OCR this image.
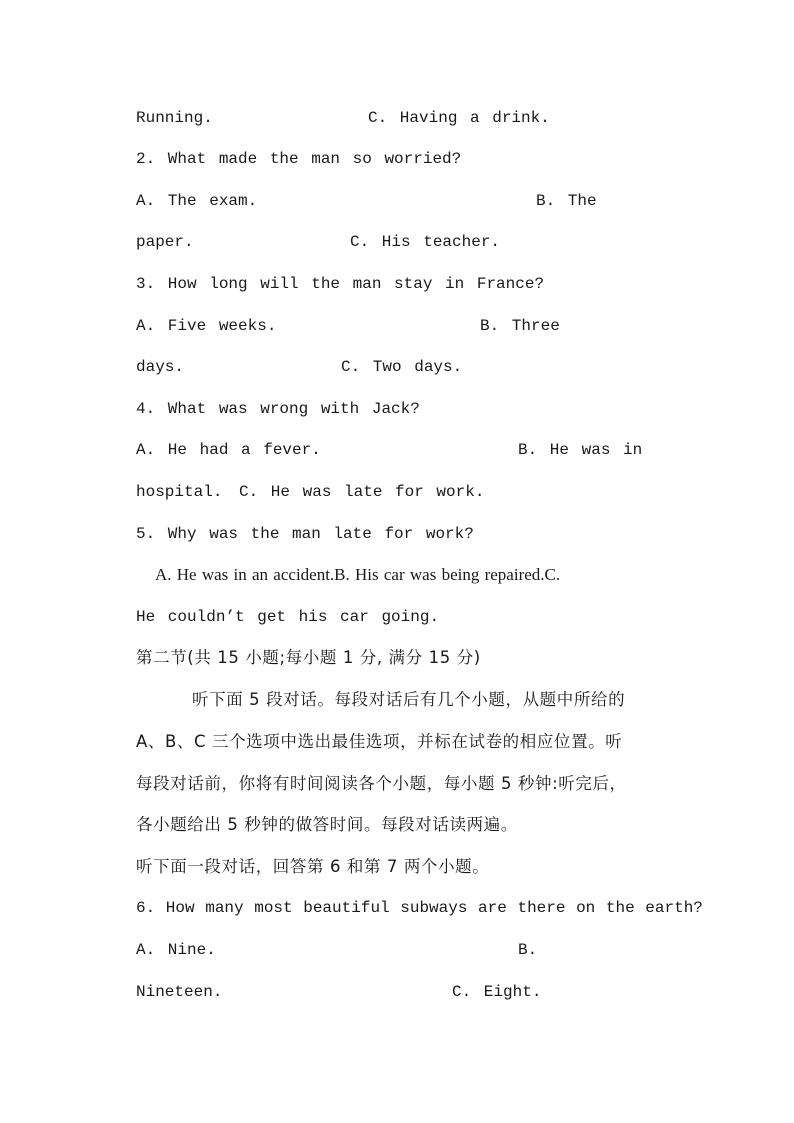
Running.	C. Having a drink.
2. What made the man so worried?
A. The exam.	B. The
paper.	C. His teacher.
3. How long will the man stay in France?
A. Five weeks.	B. Three
days.	C. Two days.
4. What was wrong with Jack?
A. He had a fever.	B. He was in
hospital. C. He was late for work.
5. Why was the man late for work?
A. He was in an accident.B. His car was being repaired.C.
He couldn’t get his car going.
第二节(共 15 小题;每小题 1 分, 满分 15 分)
听下面 5 段对话。每段对话后有几个小题，从题中所给的
A、B、C 三个选项中选出最佳选项，并标在试卷的相应位置。听
每段对话前，你将有时间阅读各个小题，每小题 5 秒钟:听完后，
各小题给出 5 秒钟的做答时间。每段对话读两遍。
听下面一段对话，回答第 6 和第 7 两个小题。
6. How many most beautiful subways are there on the earth?
A. Nine.	B.
Nineteen.	C. Eight.
